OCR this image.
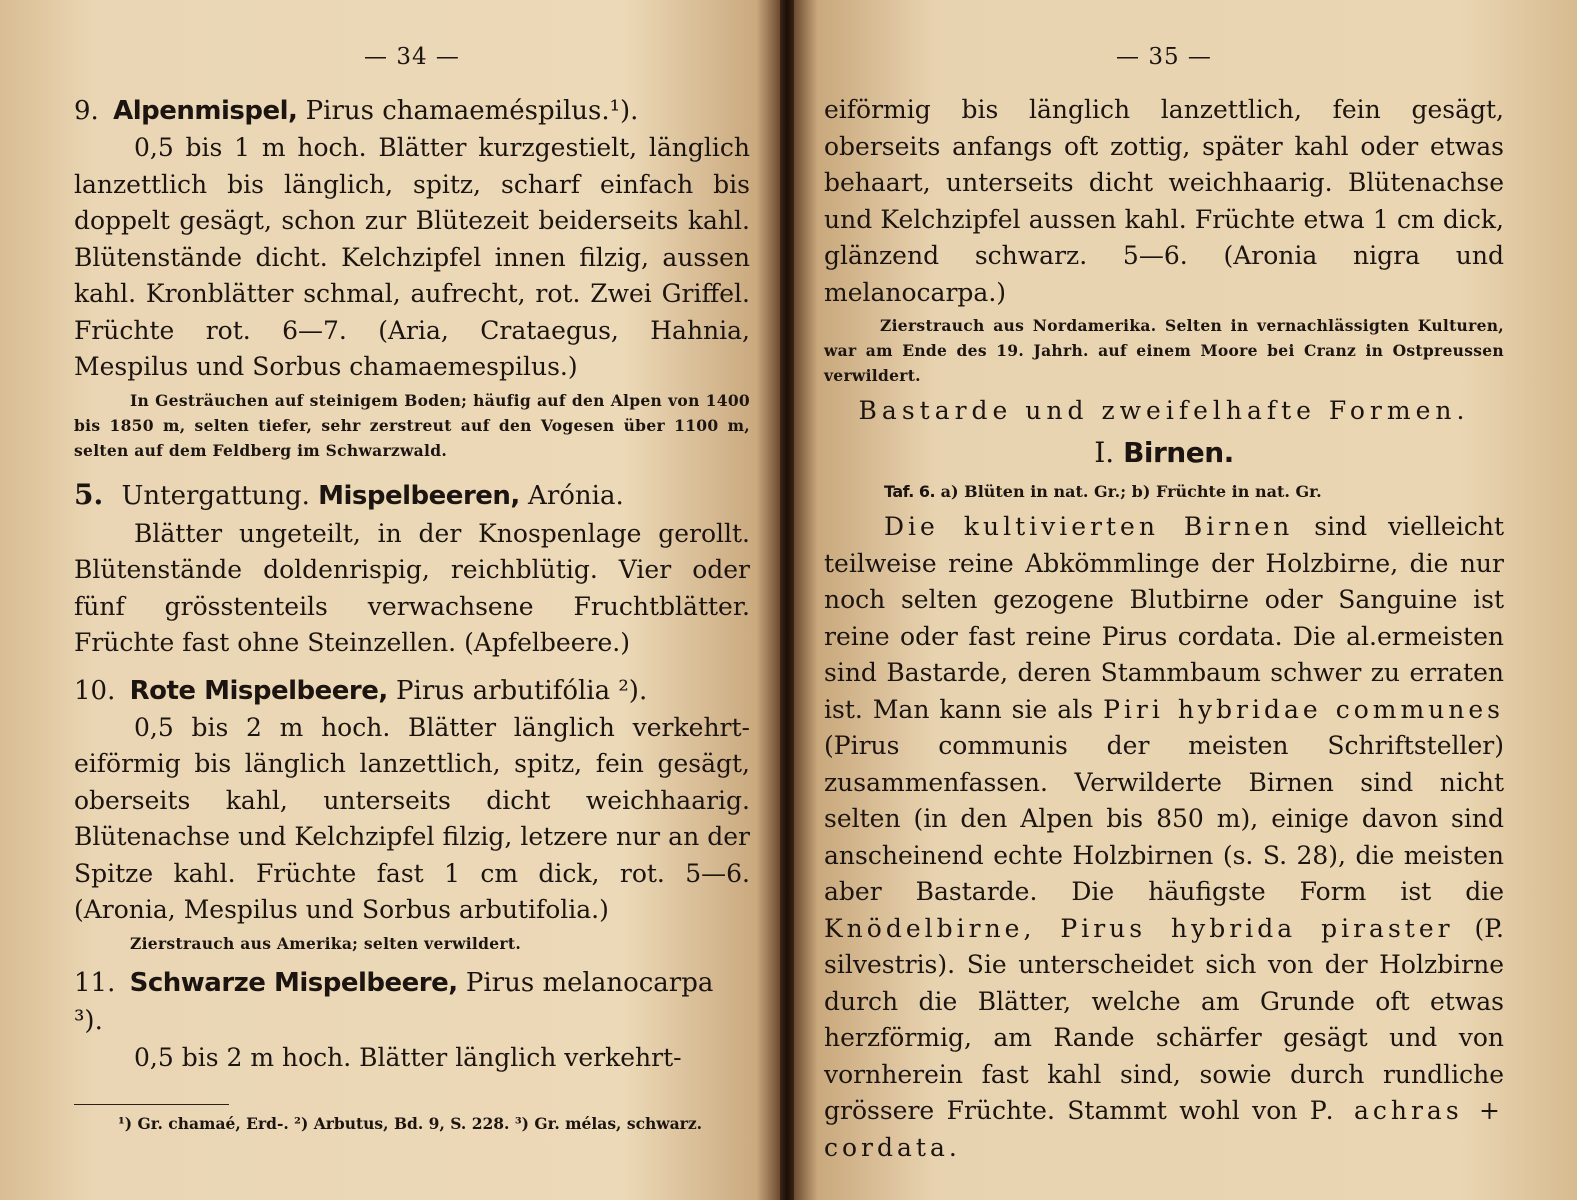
— 34 —

9. Alpenmispel, Pirus chamaeméspilus.¹).

0,5 bis 1 m hoch. Blätter kurzgestielt, länglich lanzettlich bis länglich, spitz, scharf einfach bis doppelt gesägt, schon zur Blütezeit beiderseits kahl. Blütenstände dicht. Kelchzipfel innen filzig, aussen kahl. Kronblätter schmal, aufrecht, rot. Zwei Griffel. Früchte rot. 6—7. (Aria, Crataegus, Hahnia, Mespilus und Sorbus chamaemespilus.)

In Gesträuchen auf steinigem Boden; häufig auf den Alpen von 1400 bis 1850 m, selten tiefer, sehr zerstreut auf den Vogesen über 1100 m, selten auf dem Feldberg im Schwarzwald.

5. Untergattung. Mispelbeeren, Arónia.

Blätter ungeteilt, in der Knospenlage gerollt. Blütenstände doldenrispig, reichblütig. Vier oder fünf grösstenteils verwachsene Fruchtblätter. Früchte fast ohne Steinzellen. (Apfelbeere.)

10. Rote Mispelbeere, Pirus arbutifólia ²).

0,5 bis 2 m hoch. Blätter länglich verkehrt-eiförmig bis länglich lanzettlich, spitz, fein gesägt, oberseits kahl, unterseits dicht weichhaarig. Blütenachse und Kelchzipfel filzig, letzere nur an der Spitze kahl. Früchte fast 1 cm dick, rot. 5—6. (Aronia, Mespilus und Sorbus arbutifolia.)

Zierstrauch aus Amerika; selten verwildert.

11. Schwarze Mispelbeere, Pirus melanocarpa ³).

0,5 bis 2 m hoch. Blätter länglich verkehrt-

¹) Gr. chamaé, Erd-. ²) Arbutus, Bd. 9, S. 228. ³) Gr. mélas, schwarz.
— 35 —

eiförmig bis länglich lanzettlich, fein gesägt, oberseits anfangs oft zottig, später kahl oder etwas behaart, unterseits dicht weichhaarig. Blütenachse und Kelchzipfel aussen kahl. Früchte etwa 1 cm dick, glänzend schwarz. 5—6. (Aronia nigra und melanocarpa.)

Zierstrauch aus Nordamerika. Selten in vernachlässigten Kulturen, war am Ende des 19. Jahrh. auf einem Moore bei Cranz in Ostpreussen verwildert.

Bastarde und zweifelhafte Formen.
I. Birnen.

Taf. 6. a) Blüten in nat. Gr.; b) Früchte in nat. Gr.

Die kultivierten Birnen sind vielleicht teilweise reine Abkömmlinge der Holzbirne, die nur noch selten gezogene Blutbirne oder Sanguine ist reine oder fast reine Pirus cordata. Die al.ermeisten sind Bastarde, deren Stammbaum schwer zu erraten ist. Man kann sie als Piri hybridae communes (Pirus communis der meisten Schriftsteller) zusammenfassen. Verwilderte Birnen sind nicht selten (in den Alpen bis 850 m), einige davon sind anscheinend echte Holzbirnen (s. S. 28), die meisten aber Bastarde. Die häufigste Form ist die Knödelbirne, Pirus hybrida piraster (P. silvestris). Sie unterscheidet sich von der Holzbirne durch die Blätter, welche am Grunde oft etwas herzförmig, am Rande schärfer gesägt und von vornherein fast kahl sind, sowie durch rundliche grössere Früchte. Stammt wohl von P. achras + cordata.
